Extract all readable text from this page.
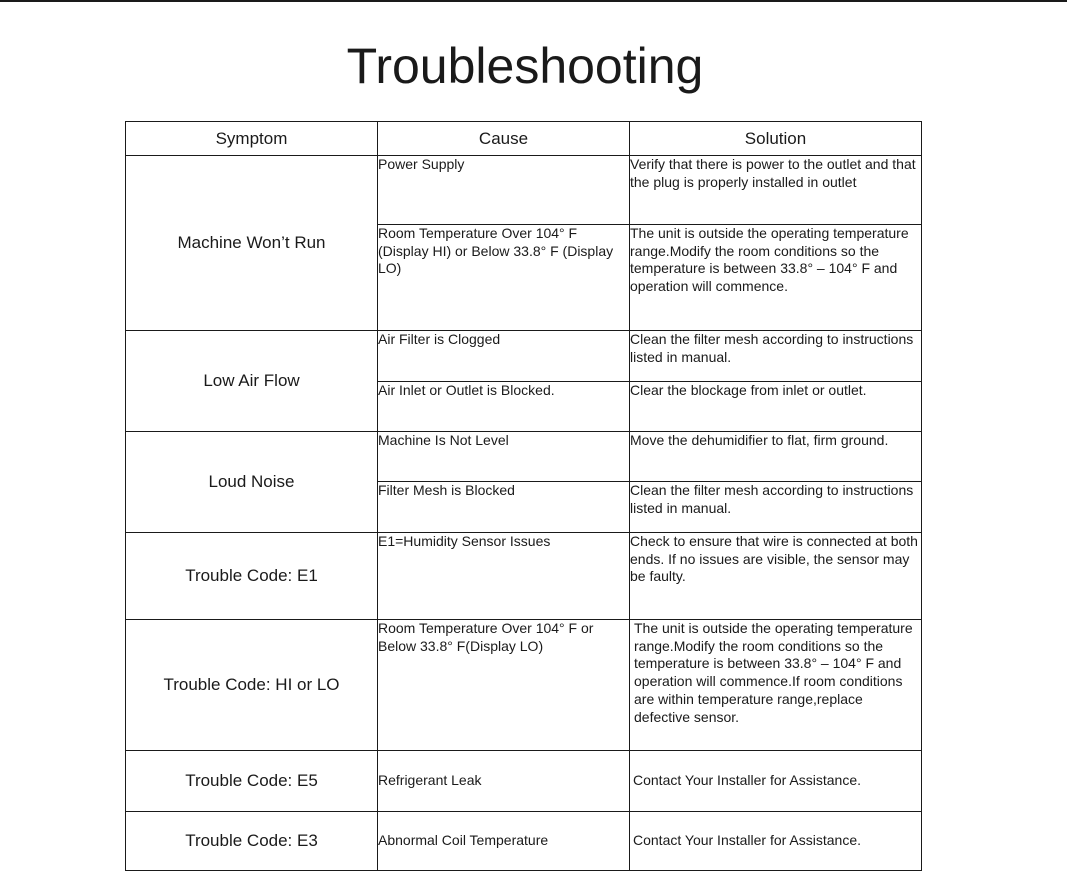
Troubleshooting
Symptom	Cause	Solution
Machine Won’t Run	Power Supply	Verify that there is power to the outlet and that the plug is properly installed in outlet
	Room Temperature Over 104° F (Display HI) or Below 33.8° F (Display LO)	The unit is outside the operating temperature range.Modify the room conditions so the temperature is between 33.8° – 104° F and operation will commence.
Low Air Flow	Air Filter is Clogged	Clean the filter mesh according to instructions listed in manual.
	Air Inlet or Outlet is Blocked.	Clear the blockage from inlet or outlet.
Loud Noise	Machine Is Not Level	Move the dehumidifier to flat, firm ground.
	Filter Mesh is Blocked	Clean the filter mesh according to instructions listed in manual.
Trouble Code: E1	E1=Humidity Sensor Issues	Check to ensure that wire is connected at both ends. If no issues are visible, the sensor may be faulty.
Trouble Code: HI or LO	Room Temperature Over 104° F or Below 33.8° F(Display LO)	The unit is outside the operating temperature range.Modify the room conditions so the temperature is between 33.8° – 104° F and operation will commence.If room conditions are within temperature range,replace defective sensor.
Trouble Code: E5	Refrigerant Leak	Contact Your Installer for Assistance.
Trouble Code: E3	Abnormal Coil Temperature	Contact Your Installer for Assistance.
